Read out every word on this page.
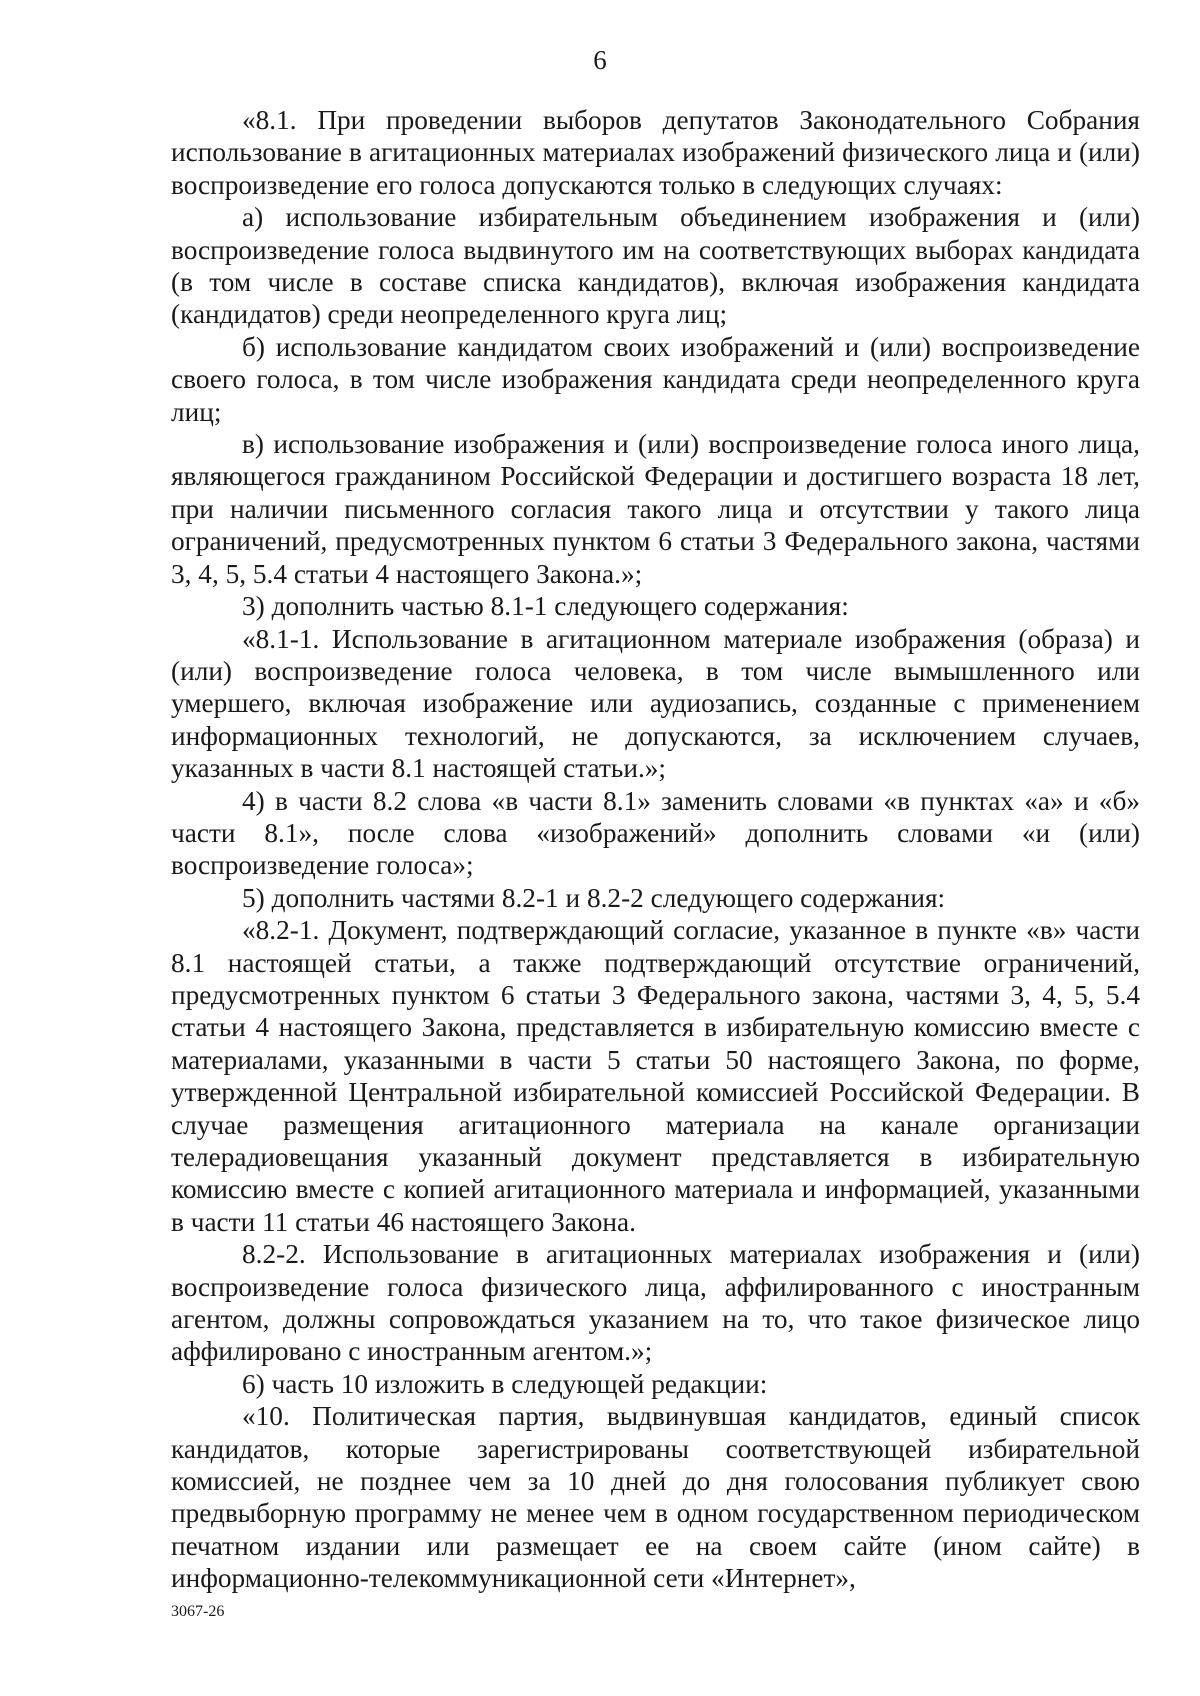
6

«8.1. При проведении выборов депутатов Законодательного Собрания использование в агитационных материалах изображений физического лица и (или) воспроизведение его голоса допускаются только в следующих случаях:

а) использование избирательным объединением изображения и (или) воспроизведение голоса выдвинутого им на соответствующих выборах кандидата (в том числе в составе списка кандидатов), включая изображения кандидата (кандидатов) среди неопределенного круга лиц;

б) использование кандидатом своих изображений и (или) воспроизведение своего голоса, в том числе изображения кандидата среди неопределенного круга лиц;

в) использование изображения и (или) воспроизведение голоса иного лица, являющегося гражданином Российской Федерации и достигшего возраста 18 лет, при наличии письменного согласия такого лица и отсутствии у такого лица ограничений, предусмотренных пунктом 6 статьи 3 Федерального закона, частями 3, 4, 5, 5.4 статьи 4 настоящего Закона.»;

3) дополнить частью 8.1-1 следующего содержания:

«8.1-1. Использование в агитационном материале изображения (образа) и (или) воспроизведение голоса человека, в том числе вымышленного или умершего, включая изображение или аудиозапись, созданные с применением информационных технологий, не допускаются, за исключением случаев, указанных в части 8.1 настоящей статьи.»;

4) в части 8.2 слова «в части 8.1» заменить словами «в пунктах «а» и «б» части 8.1», после слова «изображений» дополнить словами «и (или) воспроизведение голоса»;

5) дополнить частями 8.2-1 и 8.2-2 следующего содержания:

«8.2-1. Документ, подтверждающий согласие, указанное в пункте «в» части 8.1 настоящей статьи, а также подтверждающий отсутствие ограничений, предусмотренных пунктом 6 статьи 3 Федерального закона, частями 3, 4, 5, 5.4 статьи 4 настоящего Закона, представляется в избирательную комиссию вместе с материалами, указанными в части 5 статьи 50 настоящего Закона, по форме, утвержденной Центральной избирательной комиссией Российской Федерации. В случае размещения агитационного материала на канале организации телерадиовещания указанный документ представляется в избирательную комиссию вместе с копией агитационного материала и информацией, указанными в части 11 статьи 46 настоящего Закона.

8.2-2. Использование в агитационных материалах изображения и (или) воспроизведение голоса физического лица, аффилированного с иностранным агентом, должны сопровождаться указанием на то, что такое физическое лицо аффилировано с иностранным агентом.»;

6) часть 10 изложить в следующей редакции:

«10. Политическая партия, выдвинувшая кандидатов, единый список кандидатов, которые зарегистрированы соответствующей избирательной комиссией, не позднее чем за 10 дней до дня голосования публикует свою предвыборную программу не менее чем в одном государственном периодическом печатном издании или размещает ее на своем сайте (ином сайте) в информационно-телекоммуникационной сети «Интернет»,

3067-26
